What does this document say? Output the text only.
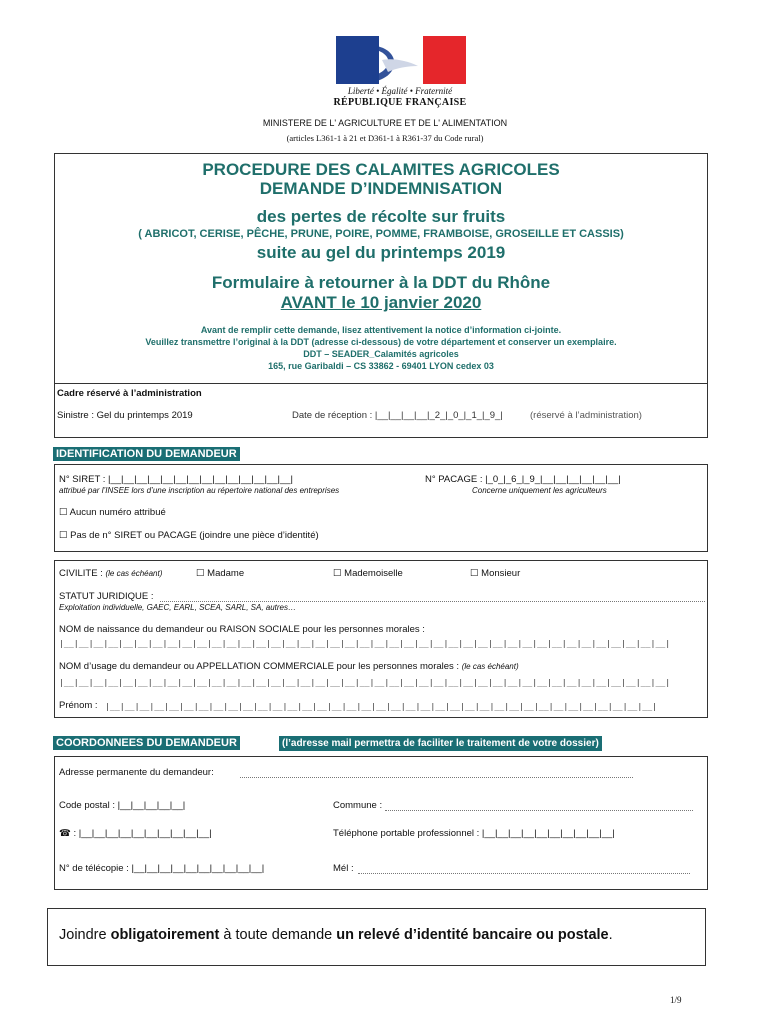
Liberté • Égalité • Fraternité
RÉPUBLIQUE FRANÇAISE
MINISTERE DE L' AGRICULTURE ET DE L' ALIMENTATION
(articles L361-1 à 21 et D361-1 à R361-37 du Code rural)
PROCEDURE DES CALAMITES AGRICOLES
DEMANDE D’INDEMNISATION
des pertes de récolte sur fruits
( ABRICOT, CERISE, PÊCHE, PRUNE, POIRE, POMME, FRAMBOISE, GROSEILLE ET CASSIS)
suite au gel du printemps 2019
Formulaire à retourner à la DDT du Rhône
AVANT le 10 janvier 2020
Avant de remplir cette demande, lisez attentivement la notice d’information ci-jointe.
Veuillez transmettre l’original à la DDT (adresse ci-dessous) de votre département et conserver un exemplaire.
DDT – SEADER_Calamités agricoles
165, rue Garibaldi – CS 33862 - 69401 LYON cedex 03
Cadre réservé à l’administration
Sinistre : Gel du printemps 2019	Date de réception : |__|__|__|__|_2_|_0_|_1_|_9_|	(réservé à l’administration)
IDENTIFICATION DU DEMANDEUR
N° SIRET : |__|__|__|__|__|__|__|__|__|__|__|__|__|__|
attribué par l’INSEE lors d’une inscription au répertoire national des entreprises
N° PACAGE : |_0_|_6_|_9_|__|__|__|__|__|__|
Concerne uniquement les agriculteurs
☐ Aucun numéro attribué
☐ Pas de n° SIRET ou PACAGE (joindre une pièce d’identité)
CIVILITE : (le cas échéant)	☐ Madame	☐ Mademoiselle	☐ Monsieur
STATUT JURIDIQUE :
Exploitation individuelle, GAEC, EARL, SCEA, SARL, SA, autres…
NOM de naissance du demandeur ou RAISON SOCIALE pour les personnes morales :
|__|__|__|__|__|__|__|__|__|__|__|__|__|__|__|__|__|__|__|__|__|__|__|__|__|__|__|__|__|__|__|__|__|__|__|__|__|__|__|__|__|
NOM d’usage du demandeur ou APPELLATION COMMERCIALE pour les personnes morales : (le cas échéant)
|__|__|__|__|__|__|__|__|__|__|__|__|__|__|__|__|__|__|__|__|__|__|__|__|__|__|__|__|__|__|__|__|__|__|__|__|__|__|__|__|__|
Prénom : |__|__|__|__|__|__|__|__|__|__|__|__|__|__|__|__|__|__|__|__|__|__|__|__|__|__|__|__|__|__|__|__|__|__|__|__|__|
COORDONNEES DU DEMANDEUR	(l’adresse mail permettra de faciliter le traitement de votre dossier)
Adresse permanente du demandeur:
Code postal : |__|__|__|__|__|	Commune :
☎ : |__|__|__|__|__|__|__|__|__|__|	Téléphone portable professionnel : |__|__|__|__|__|__|__|__|__|__|
N° de télécopie : |__|__|__|__|__|__|__|__|__|__|	Mél :
Joindre obligatoirement à toute demande un relevé d’identité bancaire ou postale.
1/9
